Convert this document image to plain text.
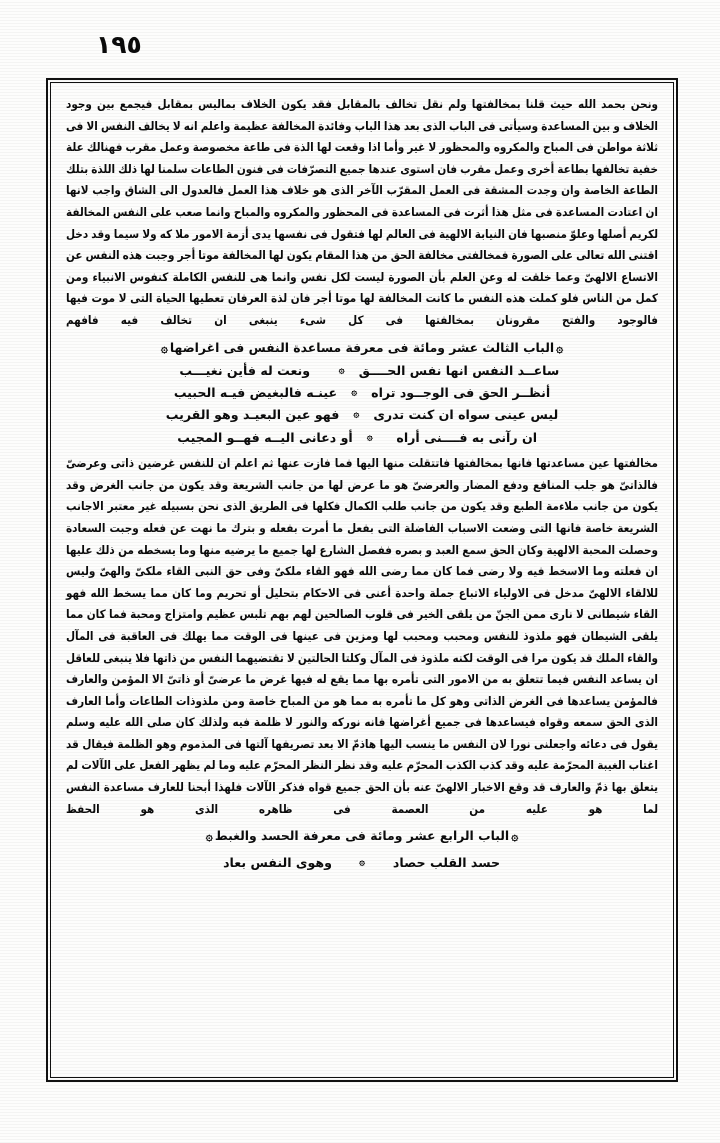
١٩٥
ونحن بحمد الله حيث قلنا بمخالفتها ولم نقل تخالف بالمقابل فقد يكون الخلاف بمالیس بمقابل فيجمع بين وجود الخلاف و بين المساعدة وسيأتى فى الباب الذى بعد هذا الباب وفائدة المخالفة عظيمة واعلم انه لا يخالف النفس الا فى ثلاثة مواطن فى المباح والمكروه والمحظور لا غير وأما اذا وقعت لها الذة فى طاعة مخصوصة وعمل مقرب فهنالك علة خفية تخالفها بطاعة أخرى وعمل مقرب فان استوى عندها جميع التصرّفات فى فنون الطاعات سلمنا لها ذلك اللذة بتلك الطاعة الخاصة وان وجدت المشقة فى العمل المقرّب الآخر الذى هو خلاف هذا العمل فالعدول الى الشاق واجب لانها ان اعتادت المساعدة فى مثل هذا أثرت فى المساعدة فى المحظور والمكروه والمباح وانما صعب على النفس المخالفة لكريم أصلها وعلوّ منصبها فان النيابة الالهية فى العالم لها فتقول فى نفسها يدى أزمة الامور ملا كه ولا سيما وقد دخل اقتنى الله تعالى على الصورة فمخالفتى مخالفة الحق من هذا المقام يكون لها المخالفة موتا أجر وجبت هذه النفس عن الاتساع الالهىّ وعما خلقت له وعن العلم بأن الصورة ليست لكل نفس وانما هى للنفس الكاملة كنفوس الانبياء ومن كمل من الناس فلو كملت هذه النفس ما كانت المخالفة لها موتا أجر فان لذة العرفان تعطيها الحياة التى لا موت فيها فالوجود والفتح مقرونان بمخالفتها فى كل شىء ينبغى ان تخالف فيه فافهم
۞الباب الثالث عشر ومائة فى معرفة مساعدة النفس فى اغراضها۞
ساعــد النفس انها نفس الحــــق
۞
ونعت له فأين نغيـــب
أنظــر الحق فى الوجــود تراه
۞
عينـه فالبغيض فيـه الحبيب
ليس عينى سواه ان كنت تدرى
۞
فهو عين البعيـد وهو القريب
ان رآنى به فــــنى أراه
۞
أو دعانى اليــه فهــو المجيب
مخالفتها عين مساعدتها فانها بمخالفتها فاتتقلت منها اليها فما فازت عنها ثم اعلم ان للنفس غرضين ذاتى وعرضىّ فالذاتىّ هو جلب المنافع ودفع المضار والعرضىّ هو ما عرض لها من جانب الشريعة وقد يكون من جانب الغرض وقد يكون من جانب ملاءمة الطبع وقد يكون من جانب طلب الكمال فكلها فى الطريق الذى نحن بسبيله غير معتبر الاجانب الشريعة خاصة فانها التى وضعت الاسباب الفاضلة التى بفعل ما أمرت بفعله و بترك ما نهت عن فعله وجبت السعادة وحصلت المحبة الالهية وكان الحق سمع العبد و بصره ففصل الشارع لها جميع ما يرضيه منها وما يسخطه من ذلك عليها ان فعلته وما الاسخط فيه ولا رضى فما كان مما رضى الله فهو القاء ملكىّ وفى حق النبى القاء ملكىّ والهىّ وليس للالقاء الالهىّ مدخل فى الاولياء الاتباع جملة واحدة أعنى فى الاحكام بتحليل أو تحريم وما كان مما يسخط الله فهو القاء شيطانى لا نارى ممن الجنّ من يلقى الخير فى قلوب الصالحين لهم بهم تلبس عظيم وامتزاج ومحبة فما كان مما يلقى الشيطان فهو ملذوذ للنفس ومحبب ومحبب لها ومزين فى عينها فى الوقت مما يهلك فى العاقبة فى المآل والقاء الملك قد يكون مرا فى الوقت لكنه ملذوذ فى المآل وكلتا الحالتين لا تقتضيهما النفس من ذاتها فلا ينبغى للعاقل ان يساعد النفس فيما تتعلق به من الامور التى تأمره بها مما يقع له فيها غرض ما عرضىّ أو ذاتىّ الا المؤمن والعارف فالمؤمن يساعدها فى الغرض الذاتى وهو كل ما تأمره به مما هو من المباح خاصة ومن ملذوذات الطاعات وأما العارف الذى الحق سمعه وقواه فيساعدها فى جميع أغراضها فانه نوركه والنور لا ظلمة فيه ولذلك كان صلى الله عليه وسلم يقول فى دعائه واجعلنى نورا لان النفس ما ينسب اليها هاذمّ الا بعد تصريفها آلتها فى المذموم وهو الظلمة فيقال قد اغتاب الغيبة المحرّمة عليه وقد كذب الكذب المحرّم عليه وقد نظر النظر المحرّم عليه وما لم يظهر الفعل على الآلات لم يتعلق بها ذمّ والعارف قد وقع الاخبار الالهىّ عنه بأن الحق جميع قواه فذكر الآلات فلهذا أبحنا للعارف مساعدة النفس لما هو عليه من العصمة فى ظاهره الذى هو الحفظ
۞الباب الرابع عشر ومائة فى معرفة الحسد والغبط۞
حسد القلب حصاد
۞
وهوى النفس بعاد
